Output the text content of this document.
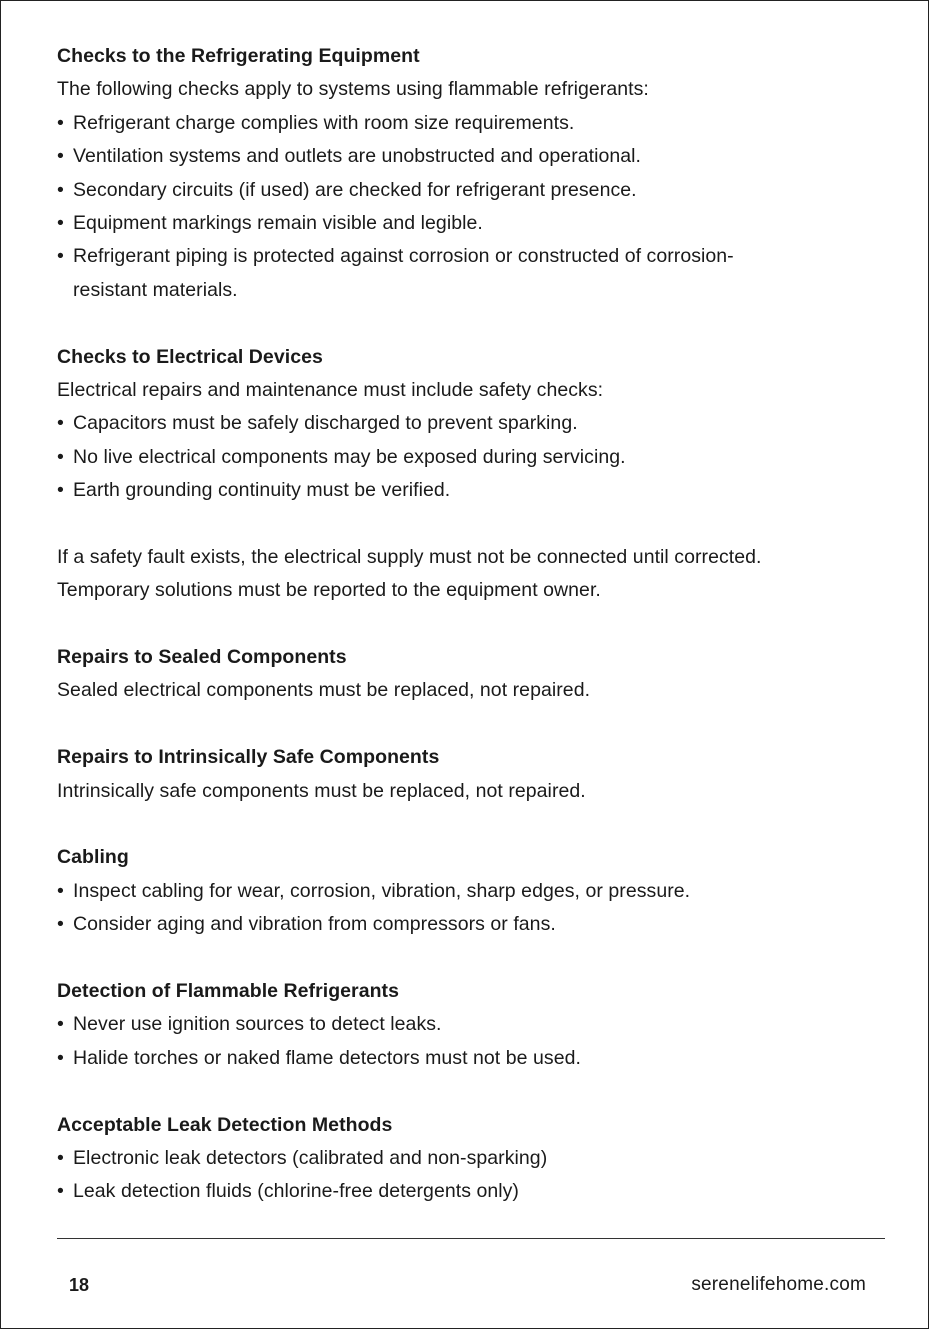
Checks to the Refrigerating Equipment
The following checks apply to systems using flammable refrigerants:
• Refrigerant charge complies with room size requirements.
• Ventilation systems and outlets are unobstructed and operational.
• Secondary circuits (if used) are checked for refrigerant presence.
• Equipment markings remain visible and legible.
• Refrigerant piping is protected against corrosion or constructed of corrosion-
resistant materials.
Checks to Electrical Devices
Electrical repairs and maintenance must include safety checks:
• Capacitors must be safely discharged to prevent sparking.
• No live electrical components may be exposed during servicing.
• Earth grounding continuity must be verified.
If a safety fault exists, the electrical supply must not be connected until corrected.
Temporary solutions must be reported to the equipment owner.
Repairs to Sealed Components
Sealed electrical components must be replaced, not repaired.
Repairs to Intrinsically Safe Components
Intrinsically safe components must be replaced, not repaired.
Cabling
• Inspect cabling for wear, corrosion, vibration, sharp edges, or pressure.
• Consider aging and vibration from compressors or fans.
Detection of Flammable Refrigerants
• Never use ignition sources to detect leaks.
• Halide torches or naked flame detectors must not be used.
Acceptable Leak Detection Methods
• Electronic leak detectors (calibrated and non-sparking)
• Leak detection fluids (chlorine-free detergents only)
18	serenelifehome.com
